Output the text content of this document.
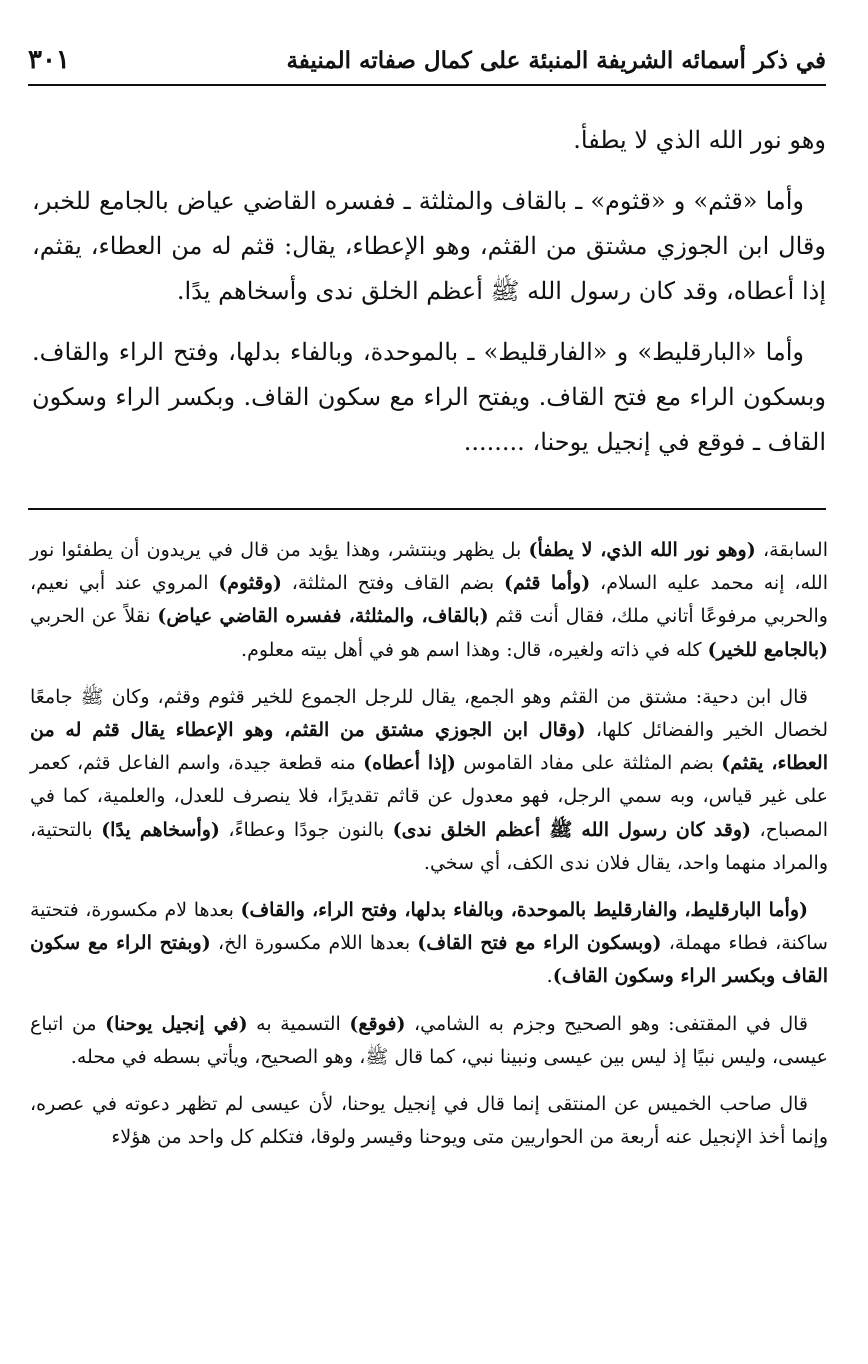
في ذكر أسمائه الشريفة المنبئة على كمال صفاته المنيفة
٣٠١

وهو نور الله الذي لا يطفأ.

وأما «قثم» و «قثوم» ـ بالقاف والمثلثة ـ ففسره القاضي عياض بالجامع للخبر، وقال ابن الجوزي مشتق من القثم، وهو الإعطاء، يقال: قثم له من العطاء، يقثم، إذا أعطاه، وقد كان رسول الله ﷺ أعظم الخلق ندى وأسخاهم يدًا.

وأما «البارقليط» و «الفارقليط» ـ بالموحدة، وبالفاء بدلها، وفتح الراء والقاف. وبسكون الراء مع فتح القاف. ويفتح الراء مع سكون القاف. وبكسر الراء وسكون القاف ـ فوقع في إنجيل يوحنا، ........

السابقة، (وهو نور الله الذي، لا يطفأ) بل يظهر وينتشر، وهذا يؤيد من قال في يريدون أن يطفئوا نور الله، إنه محمد عليه السلام، (وأما قثم) بضم القاف وفتح المثلثة، (وقثوم) المروي عند أبي نعيم، والحربي مرفوعًا أتاني ملك، فقال أنت قثم (بالقاف، والمثلثة، ففسره القاضي عياض) نقلاً عن الحربي (بالجامع للخير) كله في ذاته ولغيره، قال: وهذا اسم هو في أهل بيته معلوم.

قال ابن دحية: مشتق من القثم وهو الجمع، يقال للرجل الجموع للخير قثوم وقثم، وكان ﷺ جامعًا لخصال الخير والفضائل كلها، (وقال ابن الجوزي مشتق من القثم، وهو الإعطاء يقال قثم له من العطاء، يقثم) بضم المثلثة على مفاد القاموس (إذا أعطاه) منه قطعة جيدة، واسم الفاعل قثم، كعمر على غير قياس، وبه سمي الرجل، فهو معدول عن قاثم تقديرًا، فلا ينصرف للعدل، والعلمية، كما في المصباح، (وقد كان رسول الله ﷺ أعظم الخلق ندى) بالنون جودًا وعطاءً، (وأسخاهم يدًا) بالتحتية، والمراد منهما واحد، يقال فلان ندى الكف، أي سخي.

(وأما البارقليط، والفارقليط بالموحدة، وبالفاء بدلها، وفتح الراء، والقاف) بعدها لام مكسورة، فتحتية ساكنة، فطاء مهملة، (وبسكون الراء مع فتح القاف) بعدها اللام مكسورة الخ، (وبفتح الراء مع سكون القاف وبكسر الراء وسكون القاف).

قال في المقتفى: وهو الصحيح وجزم به الشامي، (فوقع) التسمية به (في إنجيل يوحنا) من اتباع عيسى، وليس نبيًا إذ ليس بين عيسى ونبينا نبي، كما قال ﷺ، وهو الصحيح، ويأتي بسطه في محله.

قال صاحب الخميس عن المنتقى إنما قال في إنجيل يوحنا، لأن عيسى لم تظهر دعوته في عصره، وإنما أخذ الإنجيل عنه أربعة من الحواريين متى ويوحنا وقيسر ولوقا، فتكلم كل واحد من هؤلاء
